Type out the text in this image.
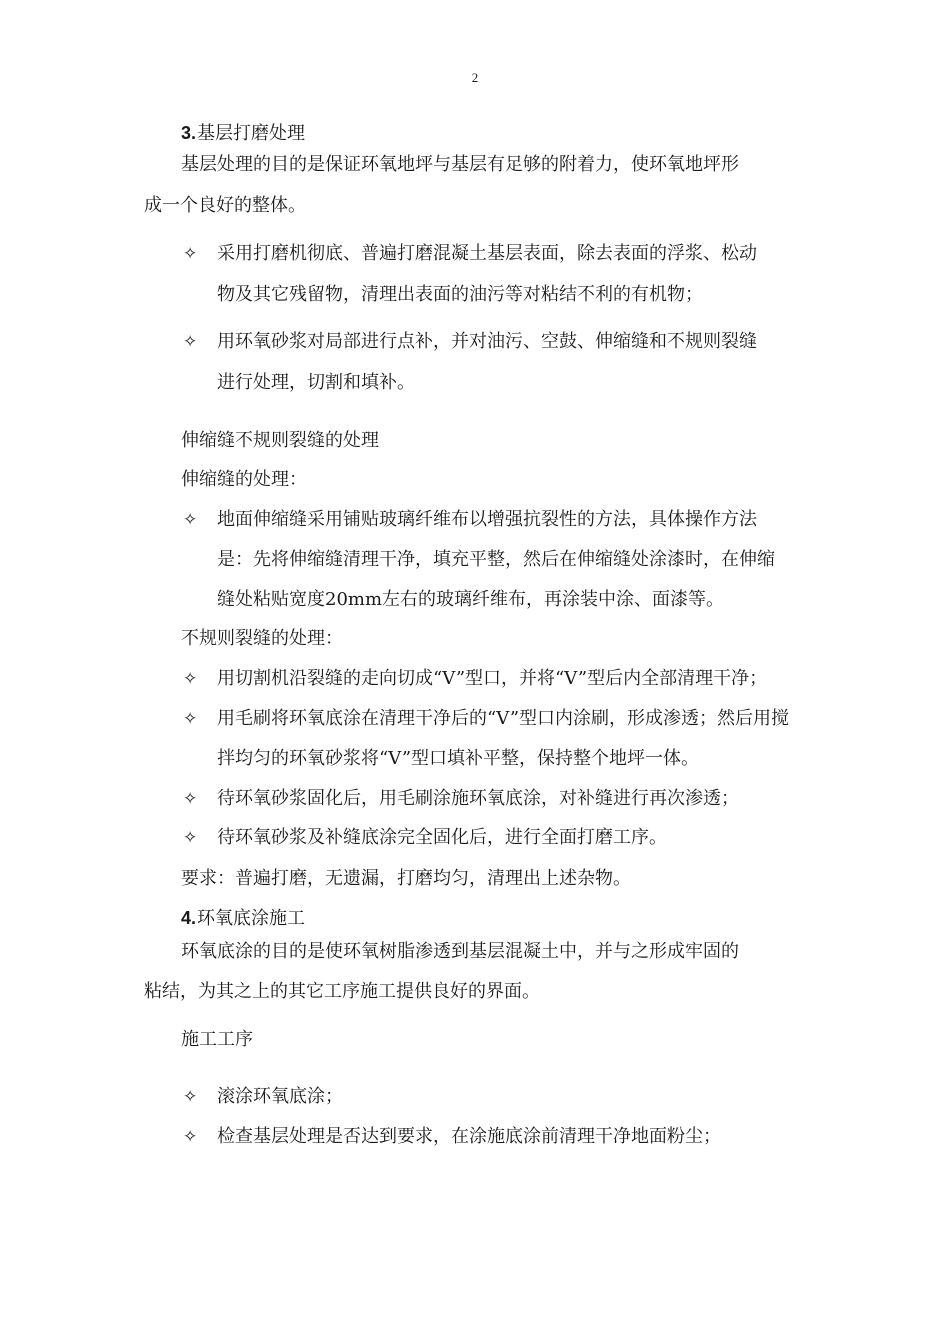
2
3.基层打磨处理
基层处理的目的是保证环氧地坪与基层有足够的附着力，使环氧地坪形
成一个良好的整体。
✧ 采用打磨机彻底、普遍打磨混凝土基层表面，除去表面的浮浆、松动
物及其它残留物，清理出表面的油污等对粘结不利的有机物；
✧ 用环氧砂浆对局部进行点补，并对油污、空鼓、伸缩缝和不规则裂缝
进行处理，切割和填补。
伸缩缝不规则裂缝的处理
伸缩缝的处理：
✧ 地面伸缩缝采用铺贴玻璃纤维布以增强抗裂性的方法，具体操作方法
是：先将伸缩缝清理干净，填充平整，然后在伸缩缝处涂漆时，在伸缩
缝处粘贴宽度20mm左右的玻璃纤维布，再涂装中涂、面漆等。
不规则裂缝的处理：
✧ 用切割机沿裂缝的走向切成“V”型口，并将“V”型后内全部清理干净；
✧ 用毛刷将环氧底涂在清理干净后的“V”型口内涂刷，形成渗透；然后用搅
拌均匀的环氧砂浆将“V”型口填补平整，保持整个地坪一体。
✧ 待环氧砂浆固化后，用毛刷涂施环氧底涂，对补缝进行再次渗透；
✧ 待环氧砂浆及补缝底涂完全固化后，进行全面打磨工序。
要求：普遍打磨，无遗漏，打磨均匀，清理出上述杂物。
4.环氧底涂施工
环氧底涂的目的是使环氧树脂渗透到基层混凝土中，并与之形成牢固的
粘结，为其之上的其它工序施工提供良好的界面。
施工工序
✧ 滚涂环氧底涂；
✧ 检查基层处理是否达到要求，在涂施底涂前清理干净地面粉尘；
